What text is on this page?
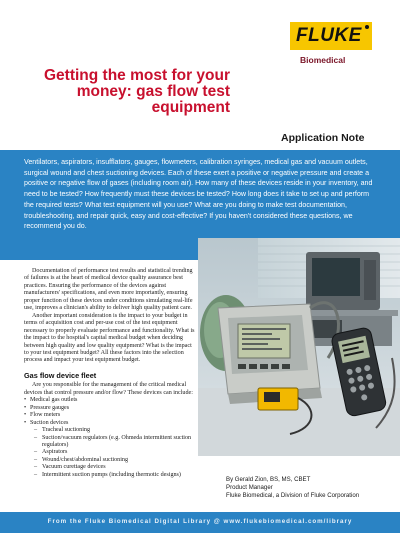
FLUKE
Biomedical
Getting the most for your money: gas flow test equipment
Application Note

Ventilators, aspirators, insufflators, gauges, flowmeters, calibration syringes, medical gas and vacuum outlets, surgical wound and chest suctioning devices. Each of these exert a positive or negative pressure and create a positive or negative flow of gases (including room air). How many of these devices reside in your inventory, and need to be tested? How frequently must these devices be tested? How long does it take to set up and perform the required tests? What test equipment will you use? What are you doing to make test documentation, troubleshooting, and repair quick, easy and cost-effective? If you haven't considered these questions, we recommend you do.

Documentation of performance test results and statistical trending of failures is at the heart of medical device quality assurance best practices. Ensuring the performance of the devices against manufacturers' specifications, and even more importantly, ensuring proper function of these devices under conditions simulating real-life use, improves a clinician's ability to deliver high quality patient care.

Another important consideration is the impact to your budget in terms of acquisition cost and per-use cost of the test equipment necessary to properly evaluate performance and functionality. What is the impact to the hospital's capital medical budget when deciding between high quality and low quality equipment? What is the impact to your test equipment budget? All these factors into the selection process and impact your test equipment budget.

Gas flow device fleet

Are you responsible for the management of the critical medical devices that control pressure and/or flow? These devices can include:

• Medical gas outlets
• Pressure gauges
• Flow meters
• Suction devices
– Tracheal suctioning
– Suction/vacuum regulators (e.g. Ohmeda intermittent suction regulators)
– Aspirators
– Wound/chest/abdominal suctioning
– Vacuum curettage devices
– Intermittent suction pumps (including thermotic designs)
By Gerald Zion, BS, MS, CBET
Product Manager
Fluke Biomedical, a Division of Fluke Corporation
From the Fluke Biomedical Digital Library @ www.flukebiomedical.com/library
